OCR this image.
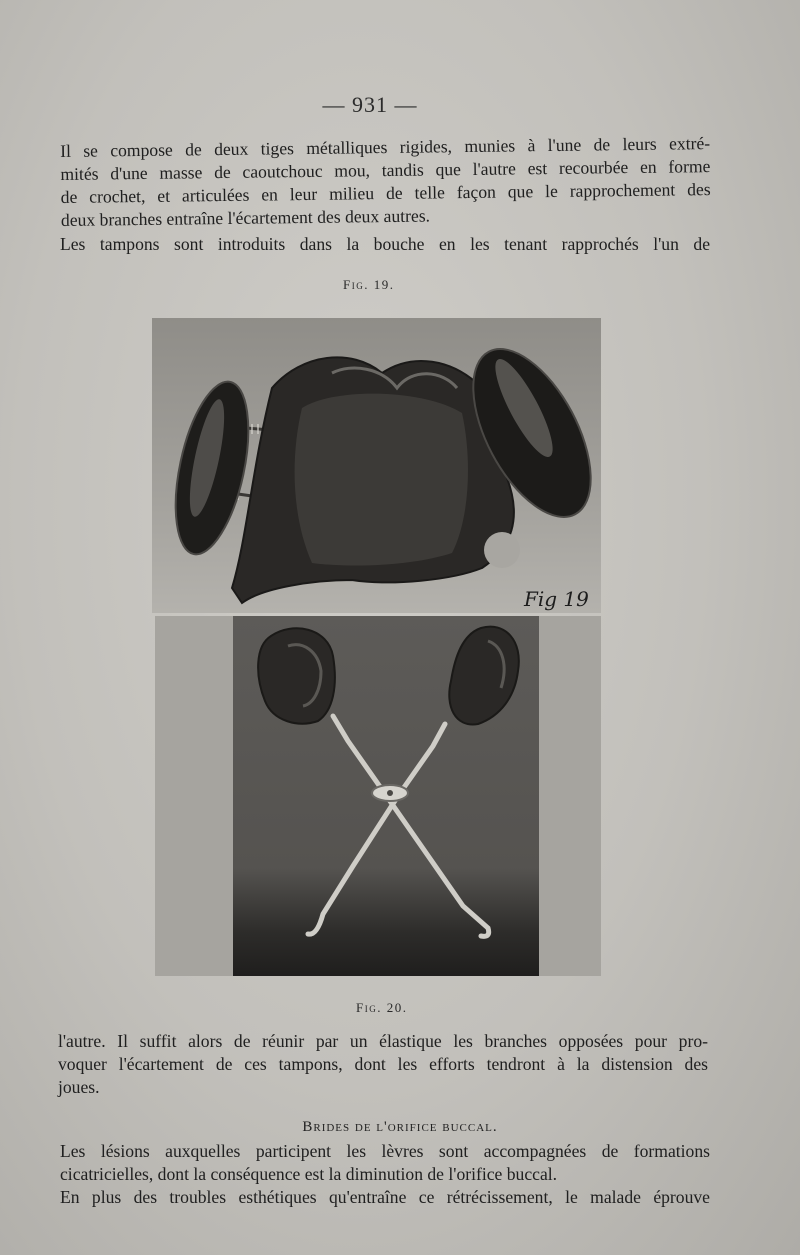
— 931 —
Il se compose de deux tiges métalliques rigides, munies à l'une de leurs extré-
mités d'une masse de caoutchouc mou, tandis que l'autre est recourbée en forme
de crochet, et articulées en leur milieu de telle façon que le rapprochement des
deux branches entraîne l'écartement des deux autres.
Les tampons sont introduits dans la bouche en les tenant rapprochés l'un de
Fig. 19.
Fig 19
Fig. 20.
l'autre. Il suffit alors de réunir par un élastique les branches opposées pour pro-
voquer l'écartement de ces tampons, dont les efforts tendront à la distension des
joues.
Brides de l'orifice buccal.
Les lésions auxquelles participent les lèvres sont accompagnées de formations
cicatricielles, dont la conséquence est la diminution de l'orifice buccal.
En plus des troubles esthétiques qu'entraîne ce rétrécissement, le malade éprouve
